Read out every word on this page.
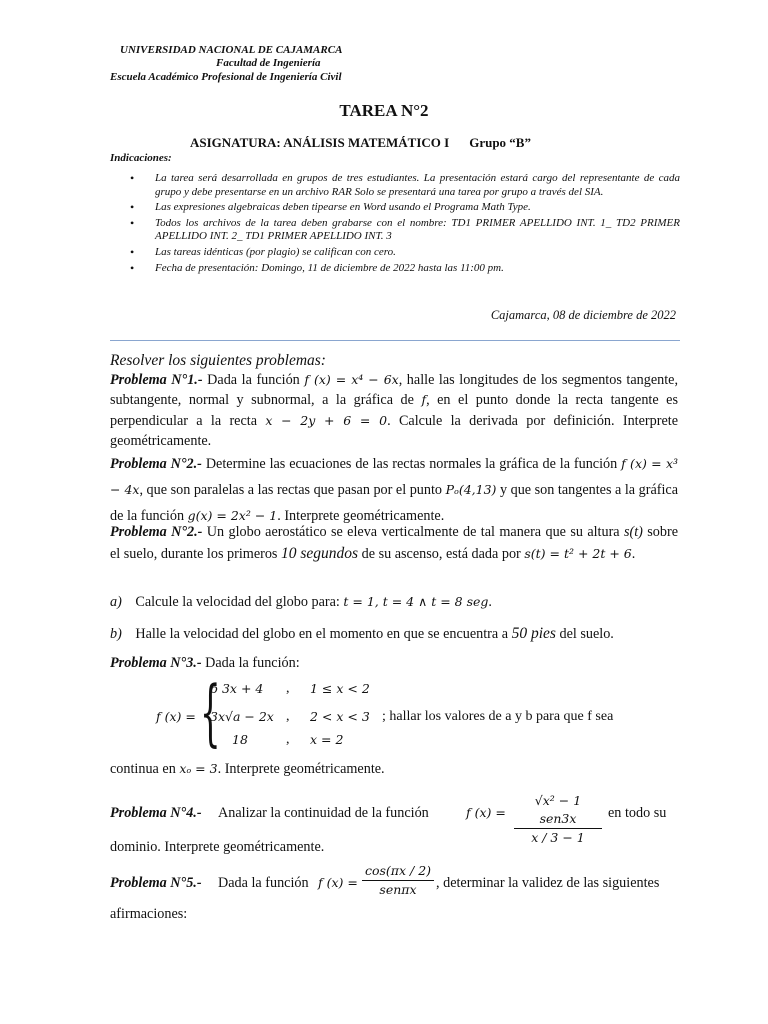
UNIVERSIDAD NACIONAL DE CAJAMARCA
Facultad de Ingeniería
Escuela Académico Profesional de Ingeniería Civil
TAREA N°2
ASIGNATURA: ANÁLISIS MATEMÁTICO I Grupo “B”
Indicaciones:
• La tarea será desarrollada en grupos de tres estudiantes. La presentación estará cargo del representante de cada grupo y debe presentarse en un archivo RAR Solo se presentará una tarea por grupo a través del SIA.
• Las expresiones algebraicas deben tipearse en Word usando el Programa Math Type.
• Todos los archivos de la tarea deben grabarse con el nombre: TD1 PRIMER APELLIDO INT. 1_ TD2 PRIMER APELLIDO INT. 2_ TD1 PRIMER APELLIDO INT. 3
• Las tareas idénticas (por plagio) se califican con cero.
• Fecha de presentación: Domingo, 11 de diciembre de 2022 hasta las 11:00 pm.
Cajamarca, 08 de diciembre de 2022
Resolver los siguientes problemas:
Problema N°1.- Dada la función f (x) = x⁴ − 6x, halle las longitudes de los segmentos tangente, subtangente, normal y subnormal, a la gráfica de f, en el punto donde la recta tangente es perpendicular a la recta x − 2y + 6 = 0. Calcule la derivada por definición. Interprete geométricamente.
Problema N°2.- Determine las ecuaciones de las rectas normales la gráfica de la función f (x) = x³ − 4x, que son paralelas a las rectas que pasan por el punto Pₒ(4,13) y que son tangentes a la gráfica de la función g(x) = 2x² − 1. Interprete geométricamente.
Problema N°2.- Un globo aerostático se eleva verticalmente de tal manera que su altura s(t) sobre el suelo, durante los primeros 10 segundos de su ascenso, está dada por s(t) = t² + 2t + 6.
a) Calcule la velocidad del globo para: t = 1, t = 4 ∧ t = 8 seg.
b) Halle la velocidad del globo en el momento en que se encuentra a 50 pies del suelo.
Problema N°3.- Dada la función:
f (x) = {
b 3x + 4 , 1 ≤ x < 2
3x√a − 2x , 2 < x < 3
18	, x = 2
; hallar los valores de a y b para que f sea
continua en xₒ = 3. Interprete geométricamente.
Problema N°4.- Analizar la continuidad de la función	f (x) =
√x² − 1 sen3x
x / 3 − 1
en todo su
dominio. Interprete geométricamente.
Problema N°5.- Dada la función f (x) =
cos(πx / 2)
senπx	, determinar la validez de las siguientes
afirmaciones:
